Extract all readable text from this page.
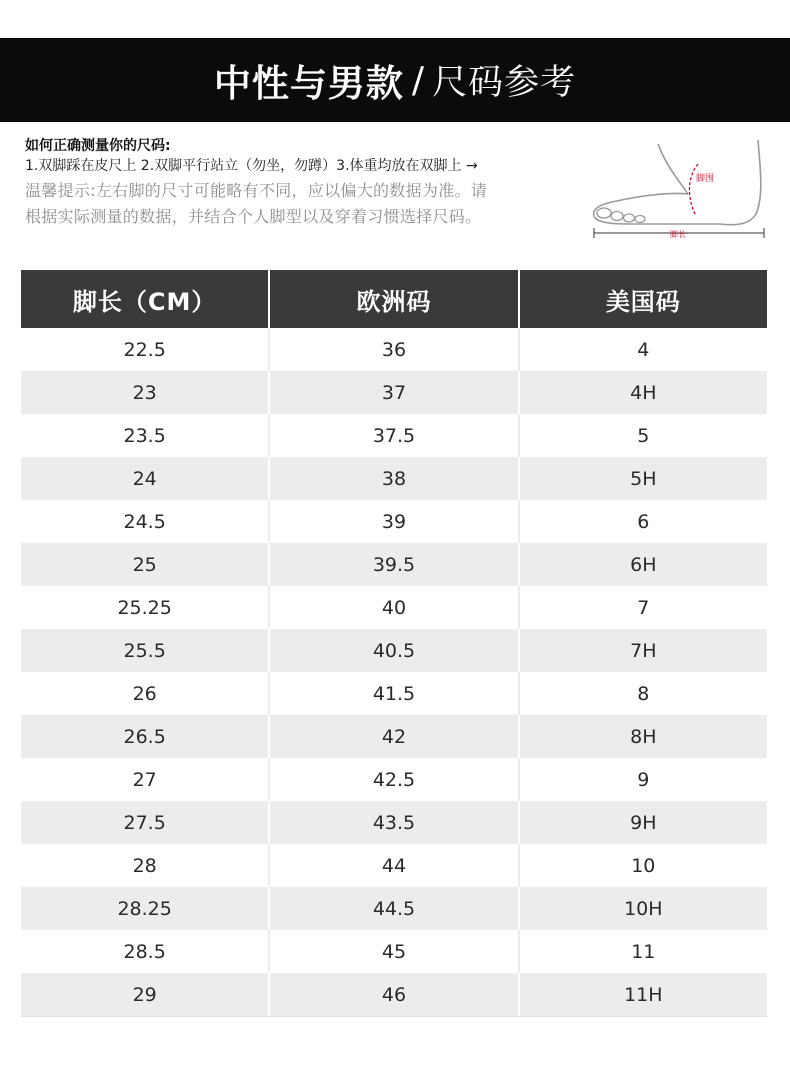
中性与男款 / 尺码参考
如何正确测量你的尺码:
1.双脚踩在皮尺上 2.双脚平行站立（勿坐，勿蹲）3.体重均放在双脚上 →
温馨提示:左右脚的尺寸可能略有不同，应以偏大的数据为准。请
根据实际测量的数据，并结合个人脚型以及穿着习惯选择尺码。
脚围
脚长
脚长（CM）	欧洲码	美国码
22.5	36	4
23	37	4H
23.5	37.5	5
24	38	5H
24.5	39	6
25	39.5	6H
25.25	40	7
25.5	40.5	7H
26	41.5	8
26.5	42	8H
27	42.5	9
27.5	43.5	9H
28	44	10
28.25	44.5	10H
28.5	45	11
29	46	11H
